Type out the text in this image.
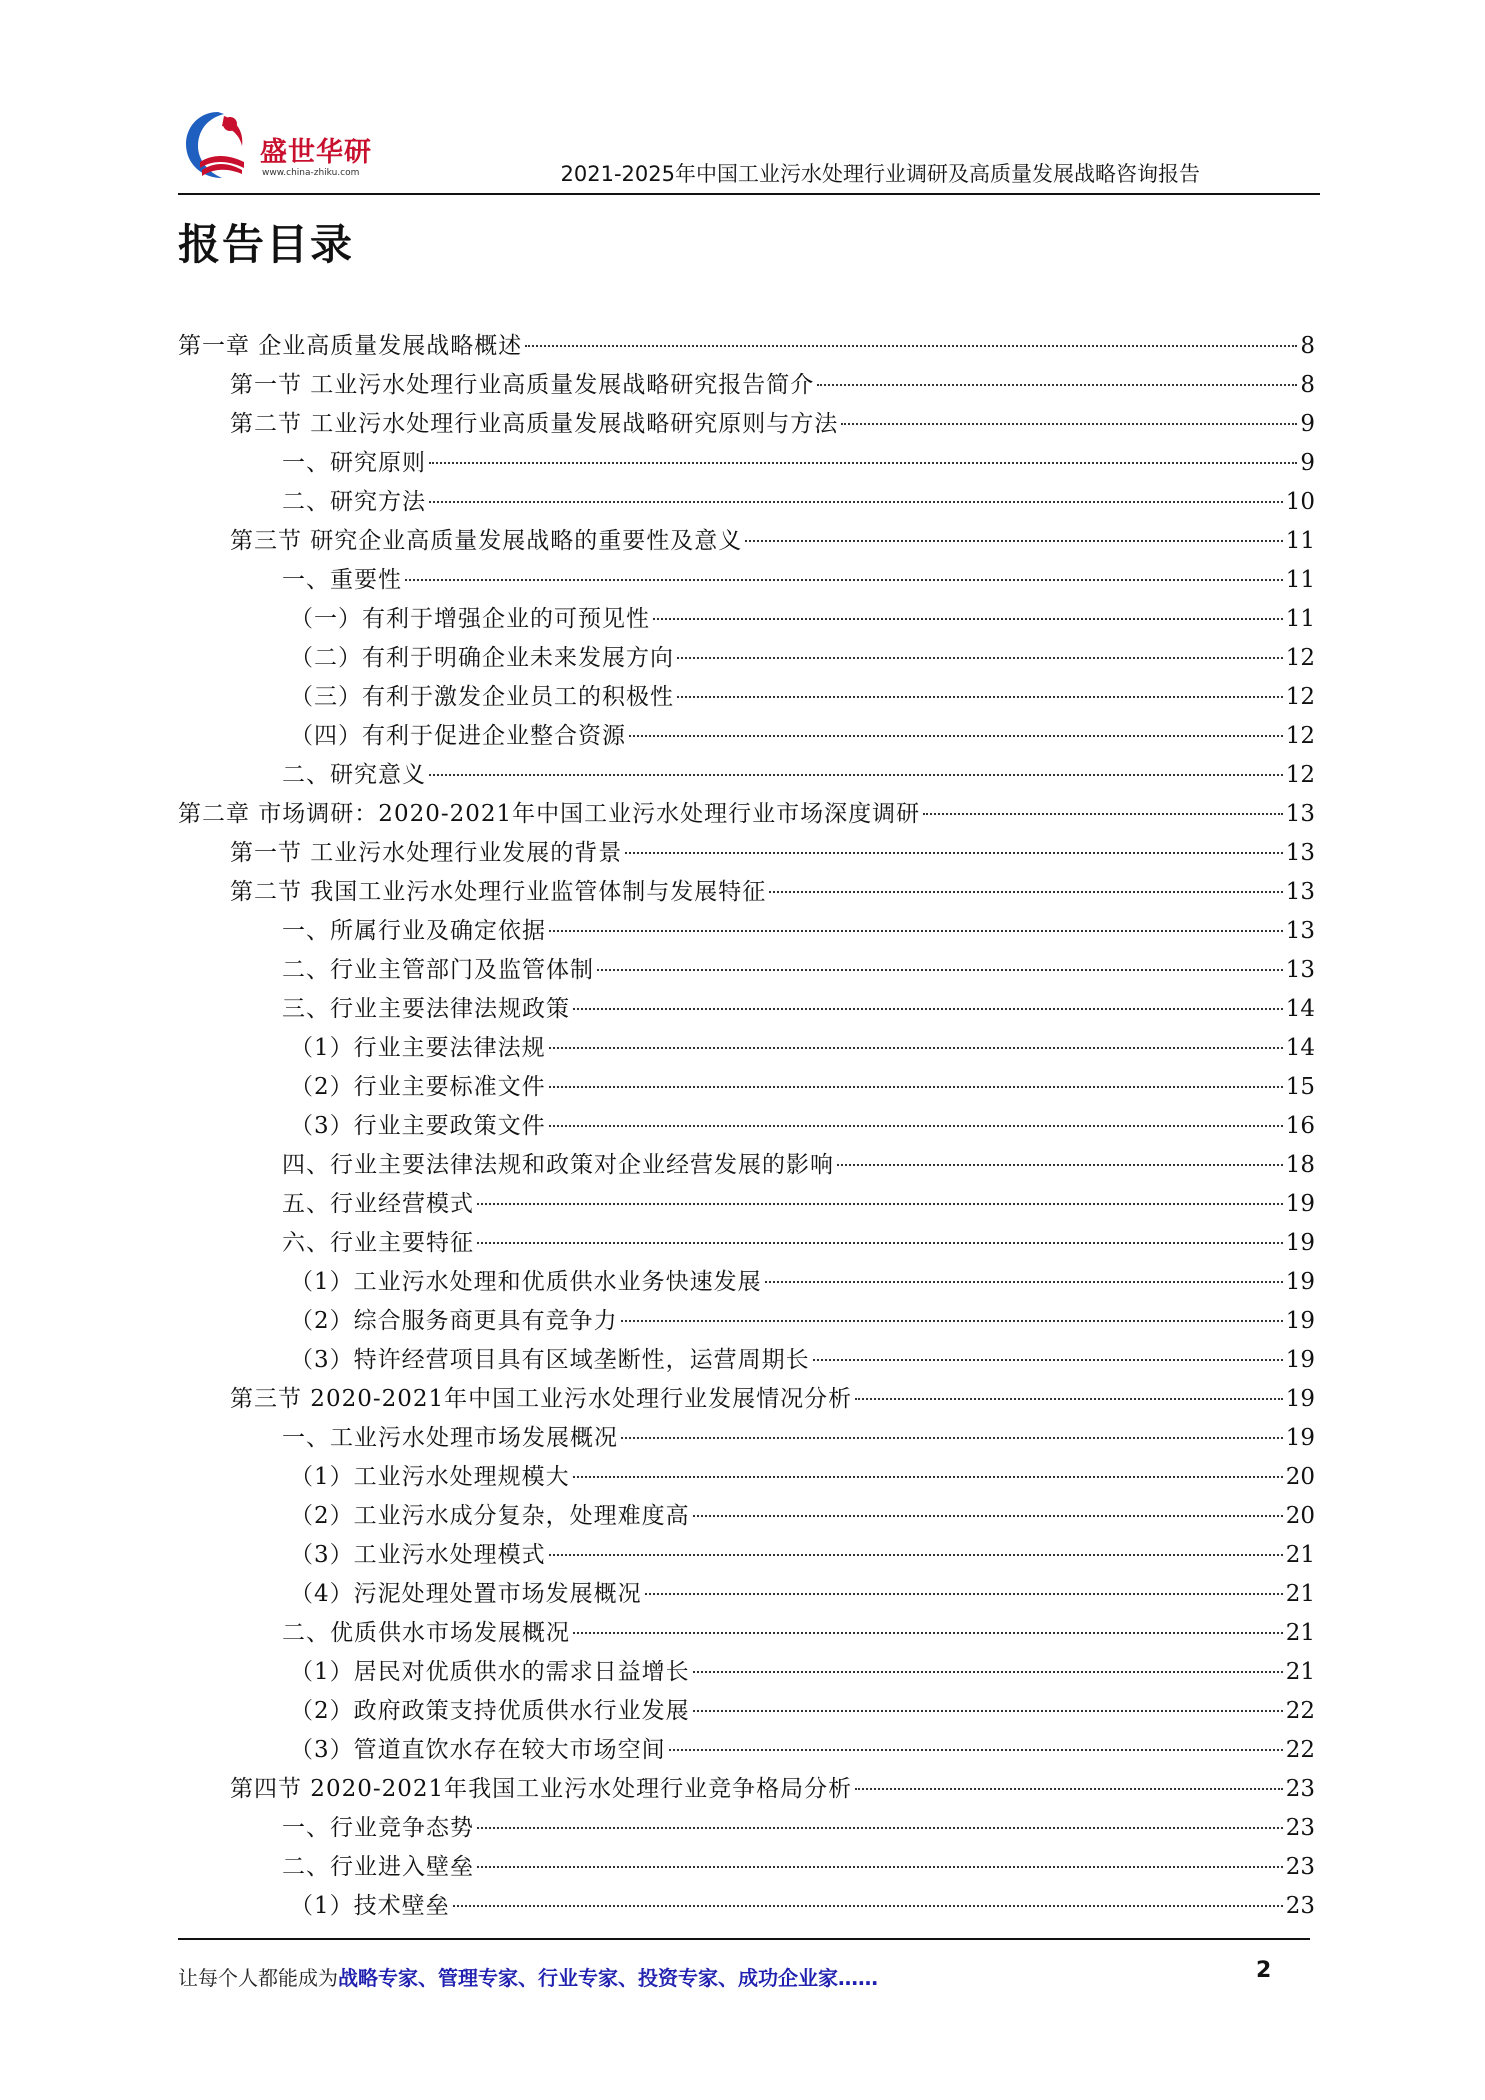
盛世华研
www.china-zhiku.com	2021-2025年中国工业污水处理行业调研及高质量发展战略咨询报告
报告目录
第一章 企业高质量发展战略概述	8
第一节 工业污水处理行业高质量发展战略研究报告简介	8
第二节 工业污水处理行业高质量发展战略研究原则与方法	9
一、研究原则	9
二、研究方法	10
第三节 研究企业高质量发展战略的重要性及意义	11
一、重要性	11
（一）有利于增强企业的可预见性	11
（二）有利于明确企业未来发展方向	12
（三）有利于激发企业员工的积极性	12
（四）有利于促进企业整合资源	12
二、研究意义	12
第二章 市场调研：2020-2021年中国工业污水处理行业市场深度调研	13
第一节 工业污水处理行业发展的背景	13
第二节 我国工业污水处理行业监管体制与发展特征	13
一、所属行业及确定依据	13
二、行业主管部门及监管体制	13
三、行业主要法律法规政策	14
（1）行业主要法律法规	14
（2）行业主要标准文件	15
（3）行业主要政策文件	16
四、行业主要法律法规和政策对企业经营发展的影响	18
五、行业经营模式	19
六、行业主要特征	19
（1）工业污水处理和优质供水业务快速发展	19
（2）综合服务商更具有竞争力	19
（3）特许经营项目具有区域垄断性，运营周期长	19
第三节 2020-2021年中国工业污水处理行业发展情况分析	19
一、工业污水处理市场发展概况	19
（1）工业污水处理规模大	20
（2）工业污水成分复杂，处理难度高	20
（3）工业污水处理模式	21
（4）污泥处理处置市场发展概况	21
二、优质供水市场发展概况	21
（1）居民对优质供水的需求日益增长	21
（2）政府政策支持优质供水行业发展	22
（3）管道直饮水存在较大市场空间	22
第四节 2020-2021年我国工业污水处理行业竞争格局分析	23
一、行业竞争态势	23
二、行业进入壁垒	23
（1）技术壁垒	23
让每个人都能成为战略专家、管理专家、行业专家、投资专家、成功企业家……	2
